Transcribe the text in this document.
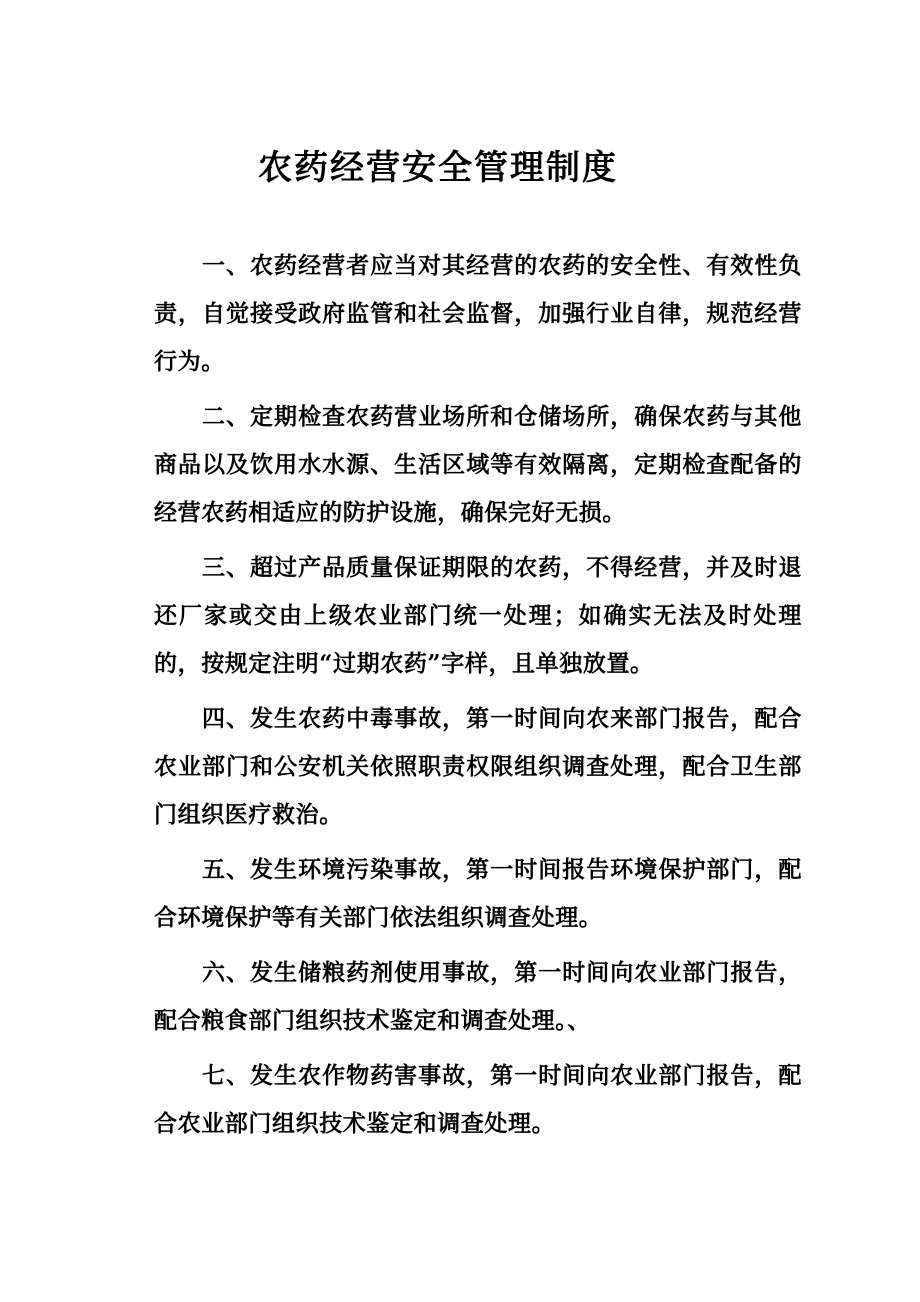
农药经营安全管理制度

一、农药经营者应当对其经营的农药的安全性、有效性负责，自觉接受政府监管和社会监督，加强行业自律，规范经营行为。

二、定期检查农药营业场所和仓储场所，确保农药与其他 商品以及饮用水水源、生活区域等有效隔离，定期检查配备的经营农药相适应的防护设施，确保完好无损。

三、超过产品质量保证期限的农药，不得经营，并及时退还厂家或交由上级农业部门统一处理；如确实无法及时处理的，按规定注明“过期农药”字样，且单独放置。

四、发生农药中毒事故，第一时间向农来部门报告，配合农业部门和公安机关依照职责权限组织调查处理，配合卫生部门组织医疗救治。

五、发生环境污染事故，第一时间报告环境保护部门，配合环境保护等有关部门依法组织调查处理。

六、发生储粮药剂使用事故，第一时间向农业部门报告，配合粮食部门组织技术鉴定和调查处理。、

七、发生农作物药害事故，第一时间向农业部门报告，配合农业部门组织技术鉴定和调查处理。
